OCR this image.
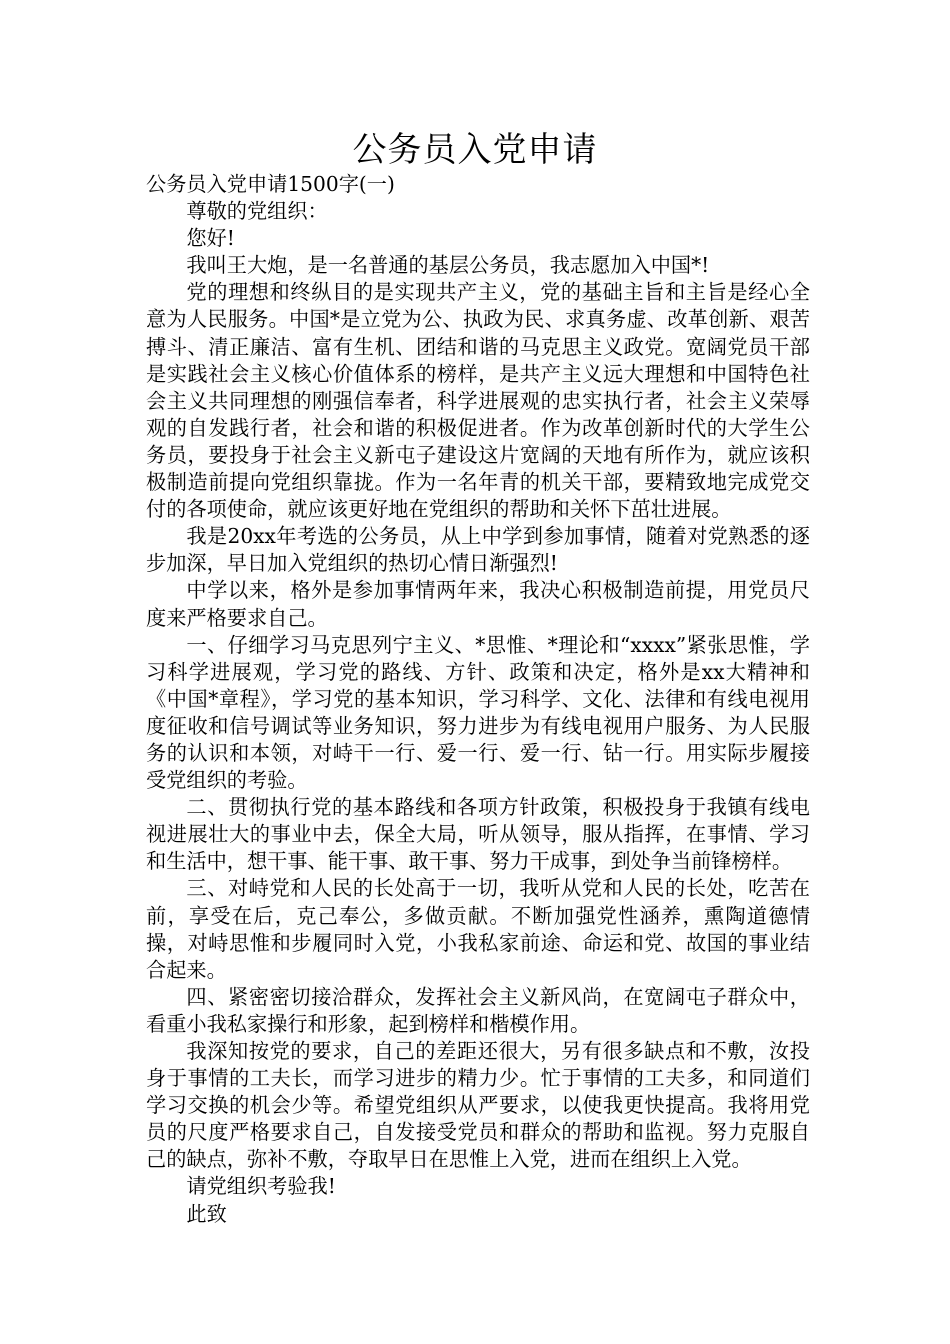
公务员入党申请

公务员入党申请1500字(一)

尊敬的党组织：

您好!

我叫王大炮，是一名普通的基层公务员，我志愿加入中国*!

党的理想和终纵目的是实现共产主义，党的基础主旨和主旨是经心全意为人民服务。中国*是立党为公、执政为民、求真务虚、改革创新、艰苦搏斗、清正廉洁、富有生机、团结和谐的马克思主义政党。宽阔党员干部是实践社会主义核心价值体系的榜样，是共产主义远大理想和中国特色社会主义共同理想的刚强信奉者，科学进展观的忠实执行者，社会主义荣辱观的自发践行者，社会和谐的积极促进者。作为改革创新时代的大学生公务员，要投身于社会主义新屯子建设这片宽阔的天地有所作为，就应该积极制造前提向党组织靠拢。作为一名年青的机关干部，要精致地完成党交付的各项使命，就应该更好地在党组织的帮助和关怀下茁壮进展。

我是20xx年考选的公务员，从上中学到参加事情，随着对党熟悉的逐步加深，早日加入党组织的热切心情日渐强烈!

中学以来，格外是参加事情两年来，我决心积极制造前提，用党员尺度来严格要求自己。

一、仔细学习马克思列宁主义、*思惟、*理论和“xxxx”紧张思惟，学习科学进展观，学习党的路线、方针、政策和决定，格外是xx大精神和《中国*章程》，学习党的基本知识，学习科学、文化、法律和有线电视用度征收和信号调试等业务知识，努力进步为有线电视用户服务、为人民服务的认识和本领，对峙干一行、爱一行、爱一行、钻一行。用实际步履接受党组织的考验。

二、贯彻执行党的基本路线和各项方针政策，积极投身于我镇有线电视进展壮大的事业中去，保全大局，听从领导，服从指挥，在事情、学习和生活中，想干事、能干事、敢干事、努力干成事，到处争当前锋榜样。

三、对峙党和人民的长处高于一切，我听从党和人民的长处，吃苦在前，享受在后，克己奉公，多做贡献。不断加强党性涵养，熏陶道德情操，对峙思惟和步履同时入党，小我私家前途、命运和党、故国的事业结合起来。

四、紧密密切接洽群众，发挥社会主义新风尚，在宽阔屯子群众中，看重小我私家操行和形象，起到榜样和楷模作用。

我深知按党的要求，自己的差距还很大，另有很多缺点和不敷，汝投身于事情的工夫长，而学习进步的精力少。忙于事情的工夫多，和同道们学习交换的机会少等。希望党组织从严要求，以使我更快提高。我将用党员的尺度严格要求自己，自发接受党员和群众的帮助和监视。努力克服自己的缺点，弥补不敷，夺取早日在思惟上入党，进而在组织上入党。

请党组织考验我!

此致
